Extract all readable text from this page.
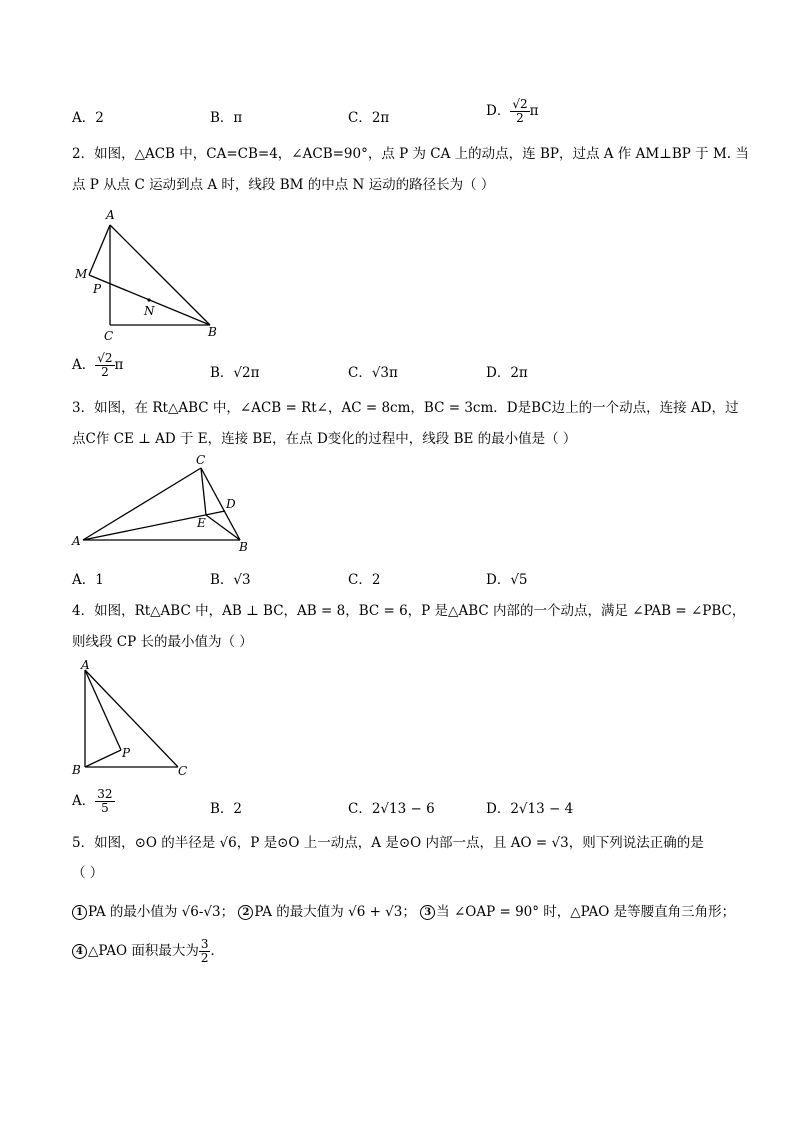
A．2	B．π	C．2π	D． $\frac{√2}{2}$ π
2．如图，△ACB 中，CA=CB=4，∠ACB=90°，点 P 为 CA 上的动点，连 BP，过点 A 作 AM⊥BP 于 M. 当
点 P 从点 C 运动到点 A 时，线段 BM 的中点 N 运动的路径长为（ ）
A
M
P
N
C	B
A． $\frac{√2}{2}$ π	B．√2π	C．√3π	D．2π
3．如图，在 Rt△ABC 中，∠ACB = Rt∠，AC = 8cm，BC = 3cm．D是BC边上的一个动点，连接 AD，过
点C作 CE ⊥ AD 于 E，连接 BE，在点 D变化的过程中，线段 BE 的最小值是（ ）
C
D
E
A	B
A．1	B．√3	C．2	D．√5
4．如图，Rt△ABC 中，AB ⊥ BC，AB = 8，BC = 6，P 是△ABC 内部的一个动点，满足 ∠PAB = ∠PBC，
则线段 CP 长的最小值为（ ）
A
P
B	C
A． $\frac{32}{5}$	B．2	C．2√13 − 6	D．2√13 − 4
5．如图，⊙O 的半径是 √6，P 是⊙O 上一动点，A 是⊙O 内部一点，且 AO = √3，则下列说法正确的是
（ ）
1 PA 的最小值为 √6-√3； 2 PA 的最大值为 √6 + √3； 3 当 ∠OAP = 90° 时，△PAO 是等腰直角三角形；
4 △PAO 面积最大为 $\frac{3}{2}$ ．
